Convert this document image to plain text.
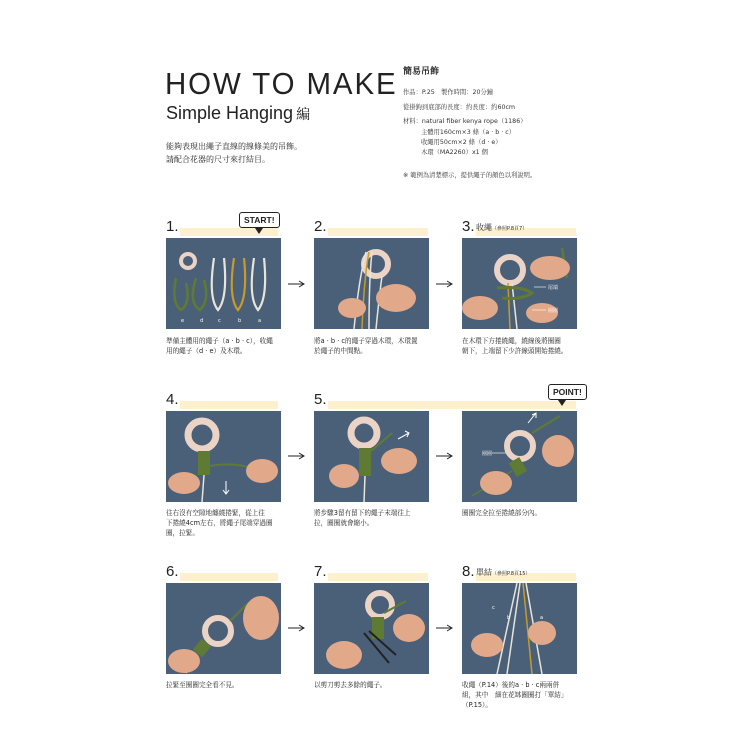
HOW TO MAKE
Simple Hanging 編
能夠表現出繩子直線的線條美的吊飾。
請配合花器的尺寸來打結目。
簡易吊飾
作品：P.25　製作時間：20分鐘
從掛鉤到底部的長度：約長度：約60cm
材料：natural fiber kenya rope（1186）
主體用160cm×3 條（a · b · c）
收繩用50cm×2 條（d · e）
木環（MA2260）x1 個
※ 範例為清楚標示，提供繩子的顏色以利說明。
1.	START!	2.	3. 收繩（參照P.8頁7）
e	d	c	b	a
尾端
圈圈
準備主體用的繩子（a · b · c），收繩
用的繩子（d · e）及木環。
將a · b · c的繩子穿過木環，木環置
於繩子的中間點。
在木環下方捲繞繩，繞線後將圈圈
朝下，上端留下少許線頭開始捲繞。
4.	5.	POINT!
圈圈
往右沒有空隙地纏繞捲緊，從上往
下捲繞4cm左右，將繩子尾端穿過圈
圈，拉緊。
將步驟3留有留下的繩子末端往上
拉，圈圈就會縮小。
圈圈完全拉至捲繞部分內。
6.	7.	8. 單結（參照P.8頁15）
c
b	a
拉緊至圈圈完全看不見。	以剪刀剪去多餘的繩子。	收繩（P.14）後的a · b · c兩兩併
組，其中　細在花缽圈圈打「單結」
（P.15）。
